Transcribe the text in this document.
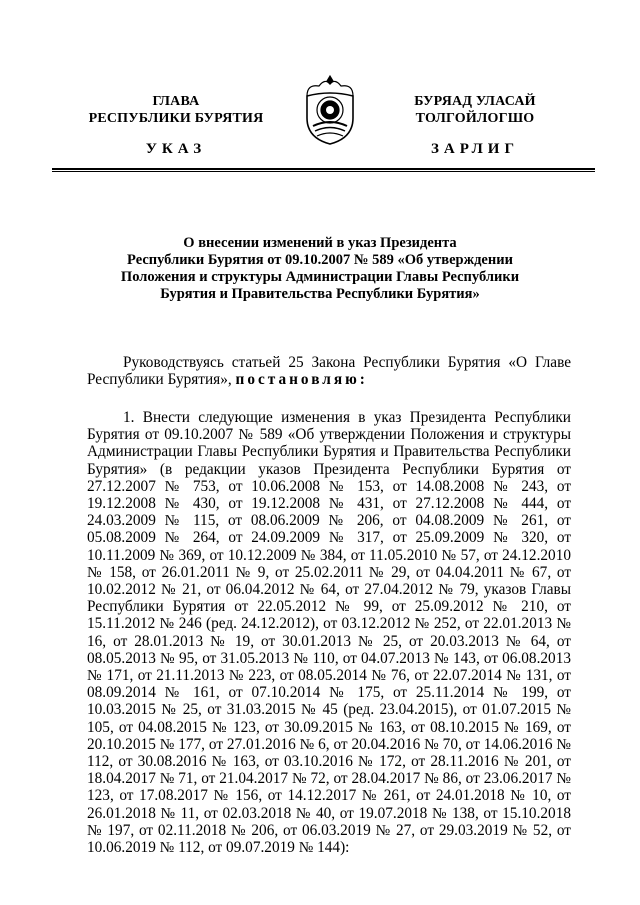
ГЛАВА
РЕСПУБЛИКИ БУРЯТИЯ
БУРЯАД УЛАСАЙ
ТОЛГОЙЛОГШО
УКАЗ	ЗАРЛИГ
О внесении изменений в указ Президента
Республики Бурятия от 09.10.2007 № 589 «Об утверждении
Положения и структуры Администрации Главы Республики
Бурятия и Правительства Республики Бурятия»

Руководствуясь статьей 25 Закона Республики Бурятия «О Главе Республики Бурятия», постановляю:

1. Внести следующие изменения в указ Президента Республики Бурятия от 09.10.2007 № 589 «Об утверждении Положения и структуры Администрации Главы Республики Бурятия и Правительства Республики Бурятия» (в редакции указов Президента Республики Бурятия от 27.12.2007 № 753, от 10.06.2008 № 153, от 14.08.2008 № 243, от 19.12.2008 № 430, от 19.12.2008 № 431, от 27.12.2008 № 444, от 24.03.2009 № 115, от 08.06.2009 № 206, от 04.08.2009 № 261, от 05.08.2009 № 264, от 24.09.2009 № 317, от 25.09.2009 № 320, от 10.11.2009 № 369, от 10.12.2009 № 384, от 11.05.2010 № 57, от 24.12.2010 № 158, от 26.01.2011 № 9, от 25.02.2011 № 29, от 04.04.2011 № 67, от 10.02.2012 № 21, от 06.04.2012 № 64, от 27.04.2012 № 79, указов Главы Республики Бурятия от 22.05.2012 № 99, от 25.09.2012 № 210, от 15.11.2012 № 246 (ред. 24.12.2012), от 03.12.2012 № 252, от 22.01.2013 № 16, от 28.01.2013 № 19, от 30.01.2013 № 25, от 20.03.2013 № 64, от 08.05.2013 № 95, от 31.05.2013 № 110, от 04.07.2013 № 143, от 06.08.2013 № 171, от 21.11.2013 № 223, от 08.05.2014 № 76, от 22.07.2014 № 131, от 08.09.2014 № 161, от 07.10.2014 № 175, от 25.11.2014 № 199, от 10.03.2015 № 25, от 31.03.2015 № 45 (ред. 23.04.2015), от 01.07.2015 № 105, от 04.08.2015 № 123, от 30.09.2015 № 163, от 08.10.2015 № 169, от 20.10.2015 № 177, от 27.01.2016 № 6, от 20.04.2016 № 70, от 14.06.2016 № 112, от 30.08.2016 № 163, от 03.10.2016 № 172, от 28.11.2016 № 201, от 18.04.2017 № 71, от 21.04.2017 № 72, от 28.04.2017 № 86, от 23.06.2017 № 123, от 17.08.2017 № 156, от 14.12.2017 № 261, от 24.01.2018 № 10, от 26.01.2018 № 11, от 02.03.2018 № 40, от 19.07.2018 № 138, от 15.10.2018 № 197, от 02.11.2018 № 206, от 06.03.2019 № 27, от 29.03.2019 № 52, от 10.06.2019 № 112, от 09.07.2019 № 144):
